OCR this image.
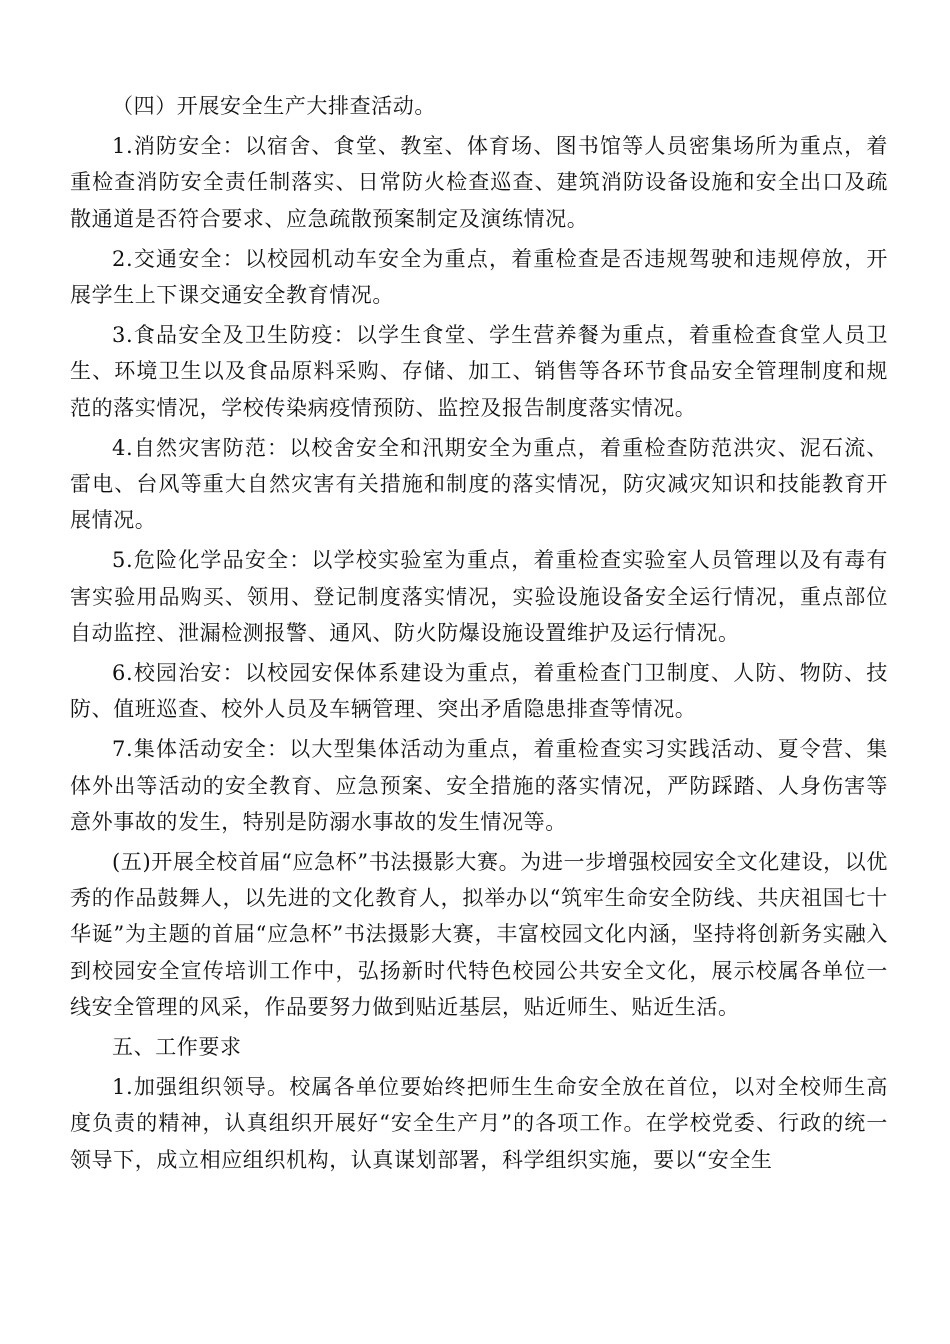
（四）开展安全生产大排查活动。

1.消防安全：以宿舍、食堂、教室、体育场、图书馆等人员密集场所为重点，着重检查消防安全责任制落实、日常防火检查巡查、建筑消防设备设施和安全出口及疏散通道是否符合要求、应急疏散预案制定及演练情况。

2.交通安全：以校园机动车安全为重点，着重检查是否违规驾驶和违规停放，开展学生上下课交通安全教育情况。

3.食品安全及卫生防疫：以学生食堂、学生营养餐为重点，着重检查食堂人员卫生、环境卫生以及食品原料采购、存储、加工、销售等各环节食品安全管理制度和规范的落实情况，学校传染病疫情预防、监控及报告制度落实情况。

4.自然灾害防范：以校舍安全和汛期安全为重点，着重检查防范洪灾、泥石流、雷电、台风等重大自然灾害有关措施和制度的落实情况，防灾减灾知识和技能教育开展情况。

5.危险化学品安全：以学校实验室为重点，着重检查实验室人员管理以及有毒有害实验用品购买、领用、登记制度落实情况，实验设施设备安全运行情况，重点部位自动监控、泄漏检测报警、通风、防火防爆设施设置维护及运行情况。

6.校园治安：以校园安保体系建设为重点，着重检查门卫制度、人防、物防、技防、值班巡查、校外人员及车辆管理、突出矛盾隐患排查等情况。

7.集体活动安全：以大型集体活动为重点，着重检查实习实践活动、夏令营、集体外出等活动的安全教育、应急预案、安全措施的落实情况，严防踩踏、人身伤害等意外事故的发生，特别是防溺水事故的发生情况等。

(五)开展全校首届“应急杯”书法摄影大赛。为进一步增强校园安全文化建设，以优秀的作品鼓舞人，以先进的文化教育人，拟举办以“筑牢生命安全防线、共庆祖国七十华诞”为主题的首届“应急杯”书法摄影大赛，丰富校园文化内涵，坚持将创新务实融入到校园安全宣传培训工作中，弘扬新时代特色校园公共安全文化，展示校属各单位一线安全管理的风采，作品要努力做到贴近基层，贴近师生、贴近生活。

五、工作要求

1.加强组织领导。校属各单位要始终把师生生命安全放在首位，以对全校师生高度负责的精神，认真组织开展好“安全生产月”的各项工作。在学校党委、行政的统一领导下，成立相应组织机构，认真谋划部署，科学组织实施，要以“安全生
